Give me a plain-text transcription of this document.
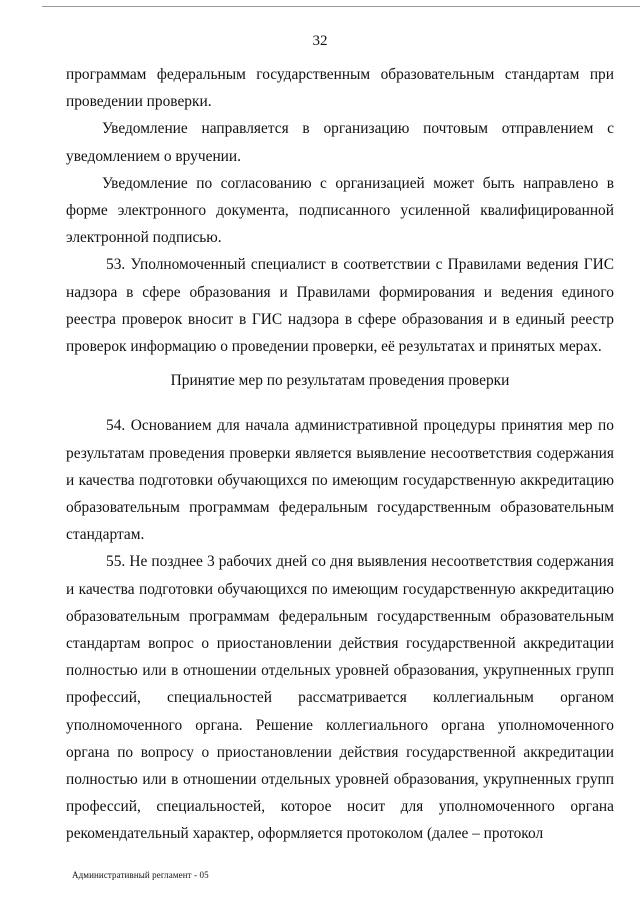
32

программам федеральным государственным образовательным стандартам при проведении проверки.

Уведомление направляется в организацию почтовым отправлением с уведомлением о вручении.

Уведомление по согласованию с организацией может быть направлено в форме электронного документа, подписанного усиленной квалифицированной электронной подписью.

53. Уполномоченный специалист в соответствии с Правилами ведения ГИС надзора в сфере образования и Правилами формирования и ведения единого реестра проверок вносит в ГИС надзора в сфере образования и в единый реестр проверок информацию о проведении проверки, её результатах и принятых мерах.

Принятие мер по результатам проведения проверки

54. Основанием для начала административной процедуры принятия мер по результатам проведения проверки является выявление несоответствия содержания и качества подготовки обучающихся по имеющим государственную аккредитацию образовательным программам федеральным государственным образовательным стандартам.

55. Не позднее 3 рабочих дней со дня выявления несоответствия содержания и качества подготовки обучающихся по имеющим государственную аккредитацию образовательным программам федеральным государственным образовательным стандартам вопрос о приостановлении действия государственной аккредитации полностью или в отношении отдельных уровней образования, укрупненных групп профессий, специальностей рассматривается коллегиальным органом уполномоченного органа. Решение коллегиального органа уполномоченного органа по вопросу о приостановлении действия государственной аккредитации полностью или в отношении отдельных уровней образования, укрупненных групп профессий, специальностей, которое носит для уполномоченного органа рекомендательный характер, оформляется протоколом (далее – протокол

Административный регламент - 05
